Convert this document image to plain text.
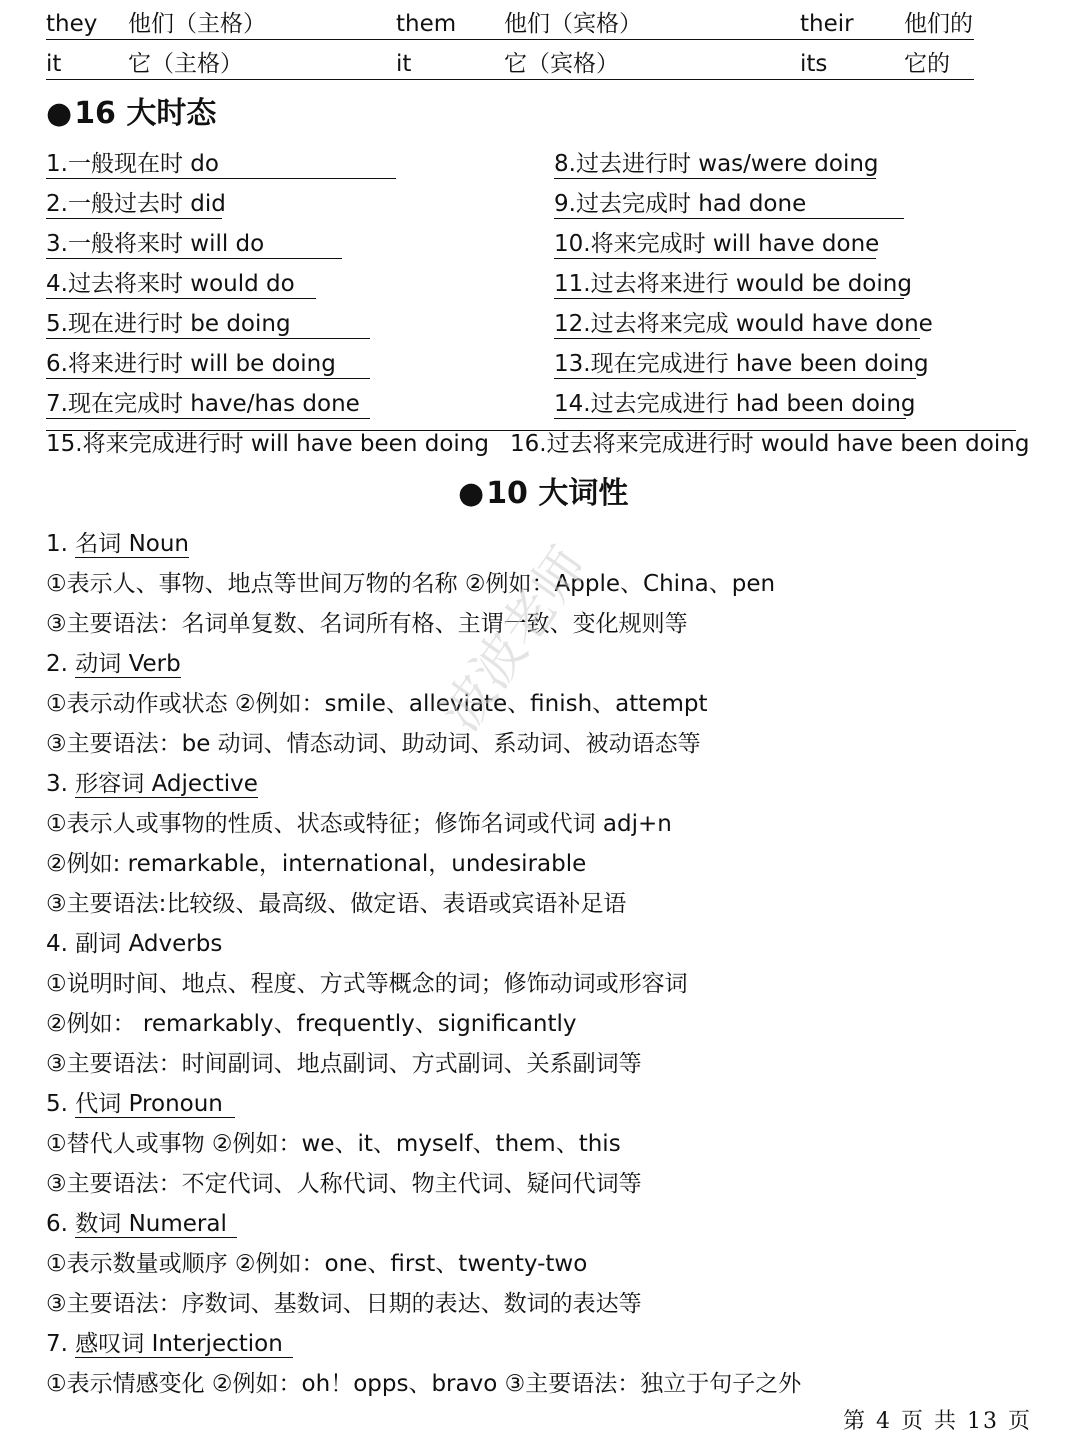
they 他们（主格）	them 他们（宾格）	their 他们的
it	它（主格）	it	它（宾格）	its	它的
●16 大时态
1.一般现在时 do	8.过去进行时 was/were doing
2.一般过去时 did	9.过去完成时 had done
3.一般将来时 will do	10.将来完成时 will have done
4.过去将来时 would do	11.过去将来进行 would be doing
5.现在进行时 be doing	12.过去将来完成 would have done
6.将来进行时 will be doing	13.现在完成进行 have been doing
7.现在完成时 have/has done	14.过去完成进行 had been doing
15.将来完成进行时 will have been doing 16.过去将来完成进行时 would have been doing
●10 大词性
1. 名词 Noun
①表示人、事物、地点等世间万物的名称 ②例如：Apple、China、pen
③主要语法：名词单复数、名词所有格、主谓一致、变化规则等
2. 动词 Verb
①表示动作或状态 ②例如：smile、alleviate、finish、attempt
③主要语法：be 动词、情态动词、助动词、系动词、被动语态等
3. 形容词 Adjective
①表示人或事物的性质、状态或特征；修饰名词或代词 adj+n
②例如: remarkable，international，undesirable
③主要语法:比较级、最高级、做定语、表语或宾语补足语
4. 副词 Adverbs
①说明时间、地点、程度、方式等概念的词；修饰动词或形容词
②例如： remarkably、frequently、significantly
③主要语法：时间副词、地点副词、方式副词、关系副词等
5. 代词 Pronoun
①替代人或事物 ②例如：we、it、myself、them、this
③主要语法：不定代词、人称代词、物主代词、疑问代词等
6. 数词 Numeral
①表示数量或顺序 ②例如：one、first、twenty-two
③主要语法：序数词、基数词、日期的表达、数词的表达等
7. 感叹词 Interjection
①表示情感变化 ②例如：oh！opps、bravo ③主要语法：独立于句子之外
波波老师
第 4 页 共 13 页
